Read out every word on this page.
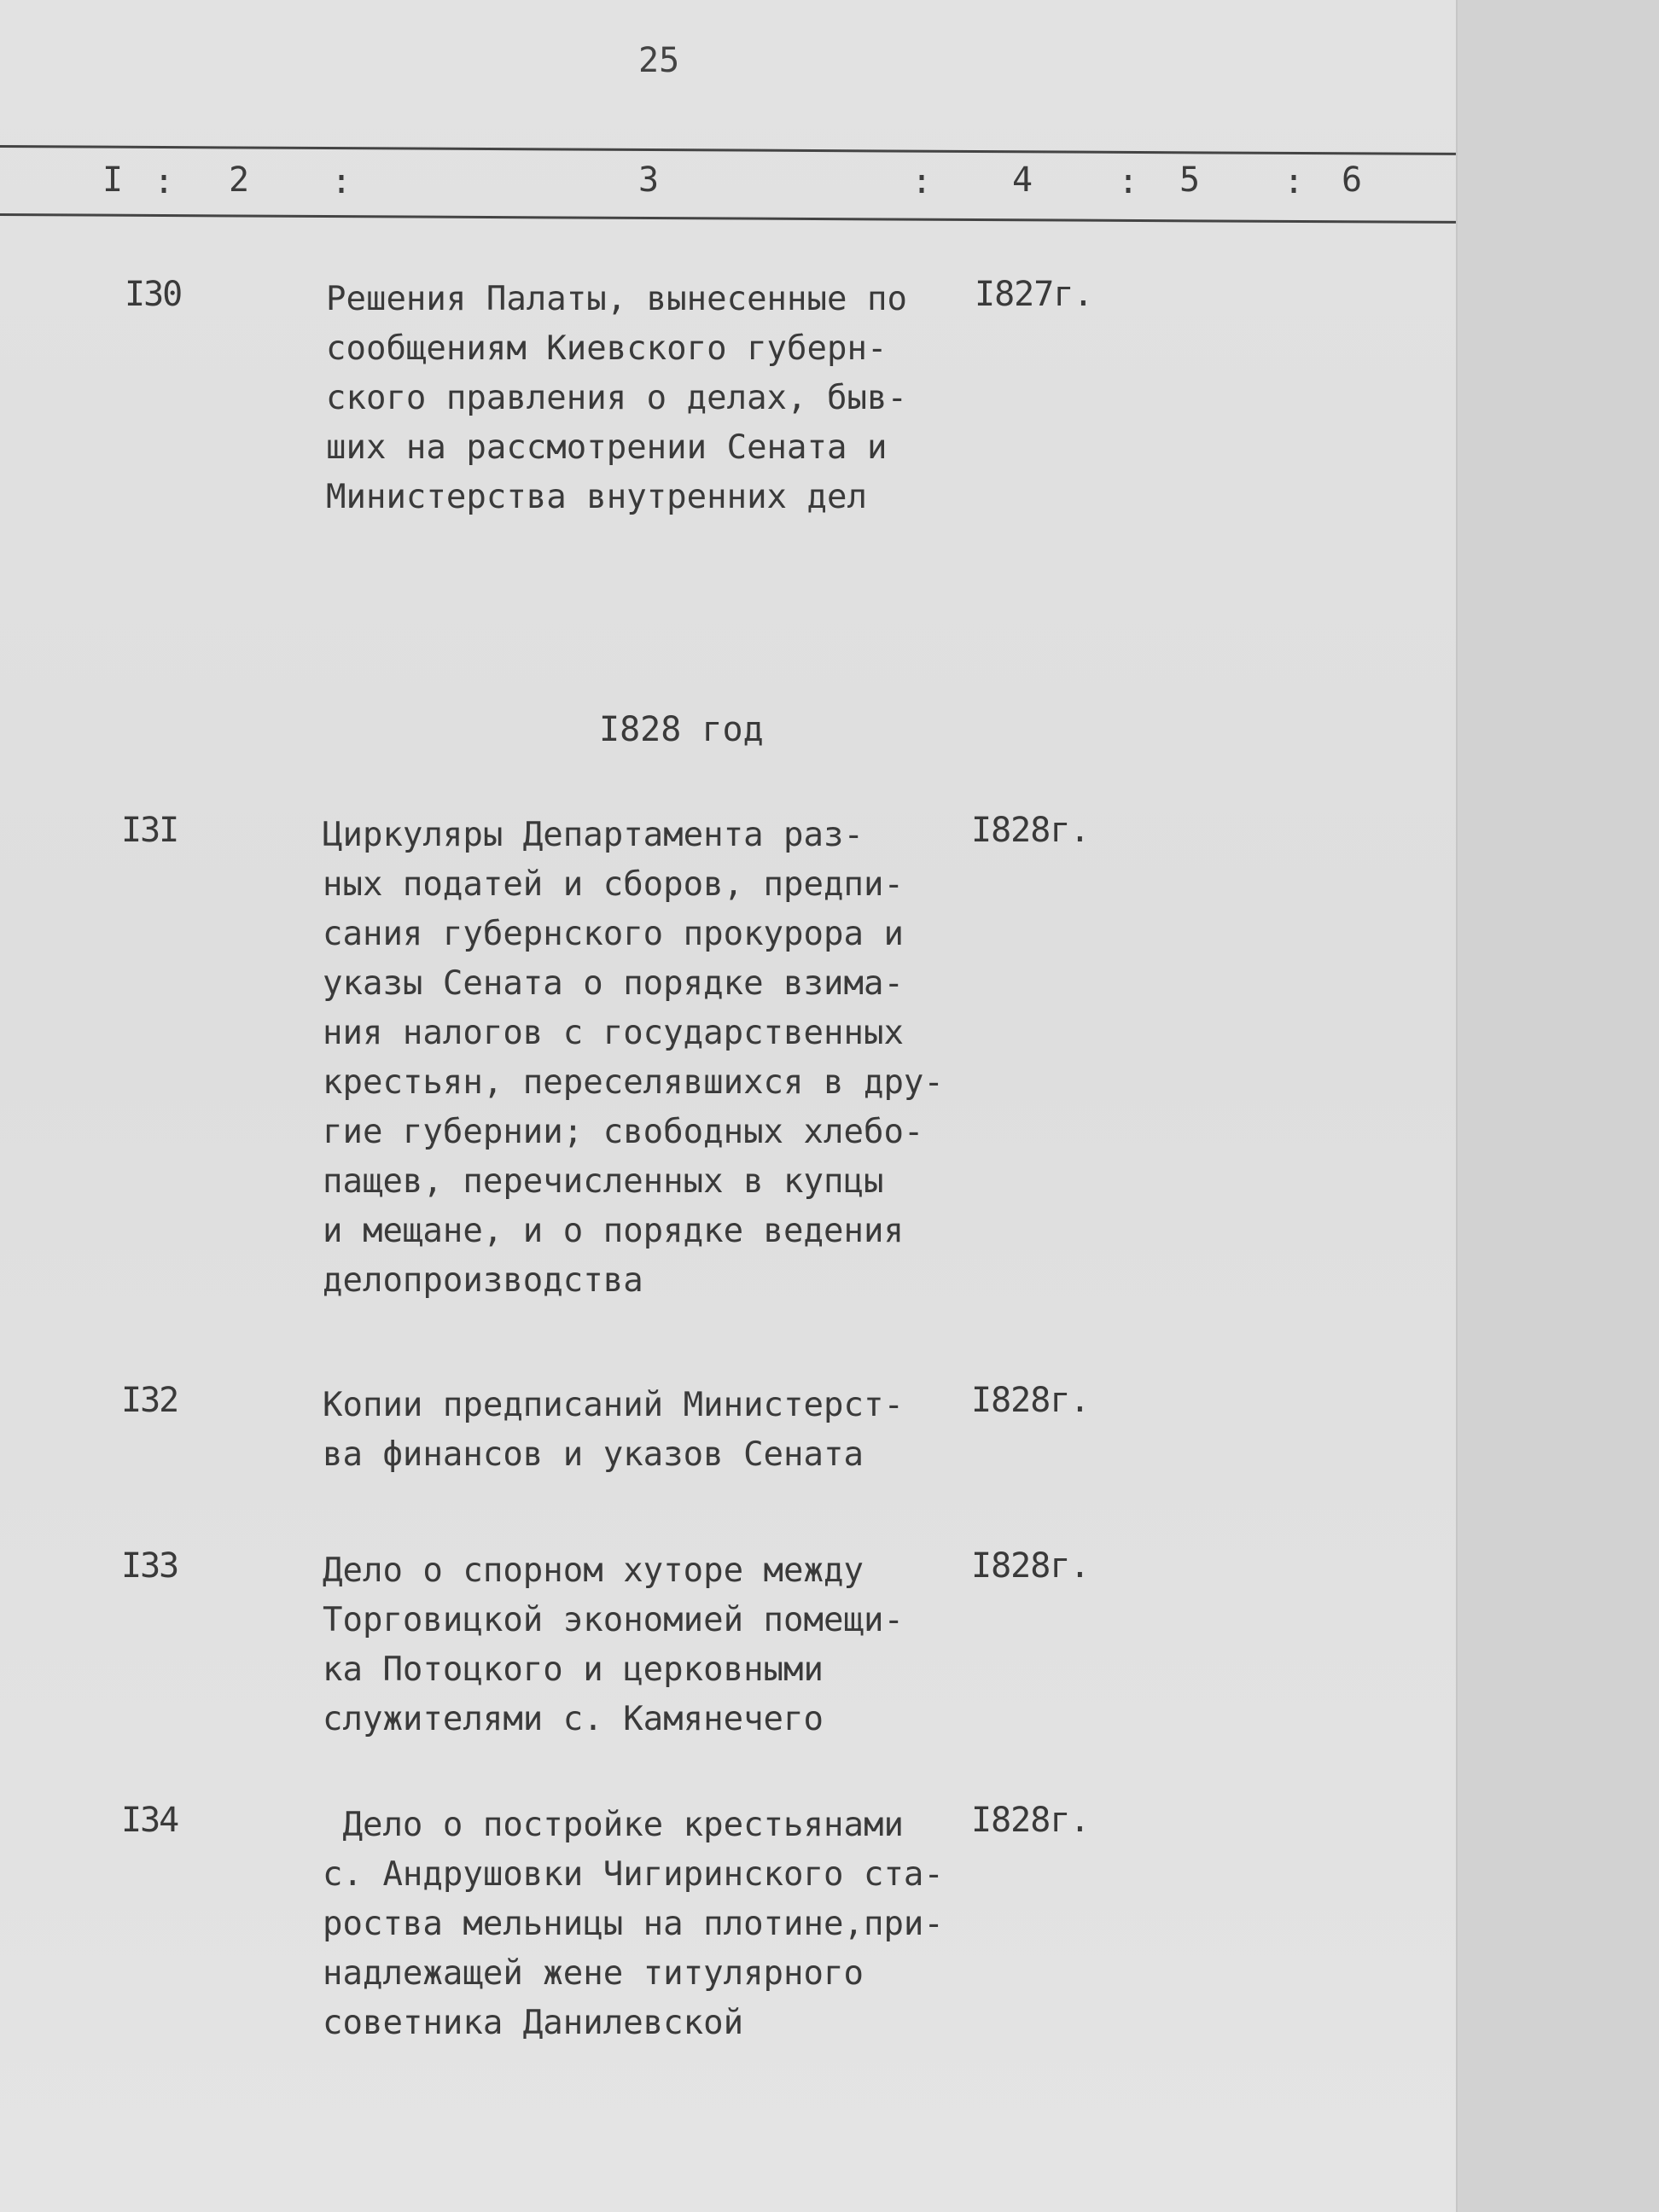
25
I : 2 :	3	: 4 : 5 : 6
I30	Решения Палаты, вынесенные по
сообщениям Киевского губерн-
ского правления о делах, быв-
ших на рассмотрении Сената и
Министерства внутренних дел
I827г.
I828 год
I3I	Циркуляры Департамента раз-
ных податей и сборов, предпи-
сания губернского прокурора и
указы Сената о порядке взима-
ния налогов с государственных
крестьян, переселявшихся в дру-
гие губернии; свободных хлебо-
пащев, перечисленных в купцы
и мещане, и о порядке ведения
делопроизводства
I828г.
I32	Копии предписаний Министерст-
ва финансов и указов Сената
I828г.
I33	Дело о спорном хуторе между
Торговицкой экономией помещи-
ка Потоцкого и церковными
служителями с. Камянечего
I828г.
I34	Дело о постройке крестьянами
с. Андрушовки Чигиринского ста-
роства мельницы на плотине,при-
надлежащей жене титулярного
советника Данилевской
I828г.
